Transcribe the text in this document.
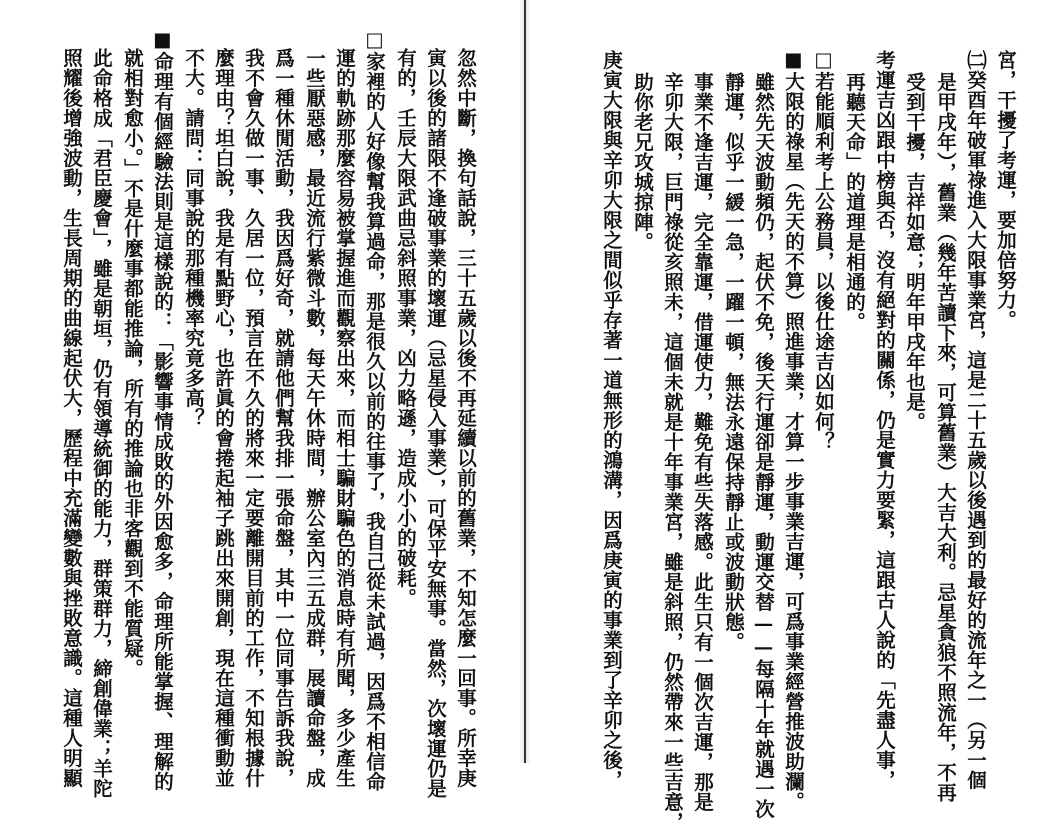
宮，干擾了考運，要加倍努力。
㈡癸酉年破軍祿進入大限事業宮，這是二十五歲以後遇到的最好的流年之一（另一個
是甲戌年），舊業（幾年苦讀下來，可算舊業）大吉大利。忌星貪狼不照流年，不再
受到干擾，吉祥如意；明年甲戌年也是。
考運吉凶跟中榜與否，沒有絕對的關係，仍是實力要緊，這跟古人說的「先盡人事，
再聽天命」的道理是相通的。
□若能順利考上公務員，以後仕途吉凶如何？
■大限的祿星（先天的不算）照進事業，才算一步事業吉運，可爲事業經營推波助瀾。
雖然先天波動頻仍，起伏不免，後天行運卻是靜運，動運交替——每隔十年就遇一次
靜運，似乎一緩一急，一躍一頓，無法永遠保持靜止或波動狀態。
事業不逢吉運，完全靠運，借運使力，難免有些失落感。此生只有一個次吉運，那是
辛卯大限，巨門祿從亥照未，這個未就是十年事業宮，雖是斜照，仍然帶來一些吉意，
助你老兄攻城掠陣。
庚寅大限與辛卯大限之間似乎存著一道無形的鴻溝，因爲庚寅的事業到了辛卯之後，
忽然中斷，換句話說，三十五歲以後不再延續以前的舊業，不知怎麼一回事。所幸庚
寅以後的諸限不逢破事業的壞運（忌星侵入事業），可保平安無事。當然，次壞運仍是
有的，壬辰大限武曲忌斜照事業，凶力略遜，造成小小的破耗。
□家裡的人好像幫我算過命，那是很久以前的往事了，我自己從未試過，因爲不相信命
運的軌跡那麼容易被掌握進而觀察出來，而相士騙財騙色的消息時有所聞，多少產生
一些厭惡感，最近流行紫微斗數，每天午休時間，辦公室內三五成群，展讀命盤，成
爲一種休閒活動，我因爲好奇，就請他們幫我排一張命盤，其中一位同事告訴我說，
我不會久做一事、久居一位，預言在不久的將來一定要離開目前的工作，不知根據什
麼理由？坦白說，我是有點野心，也許眞的會捲起袖子跳出來開創，現在這種衝動並
不大。請問：同事說的那種機率究竟多高？
■命理有個經驗法則是這樣說的：「影響事情成敗的外因愈多，命理所能掌握、理解的
就相對愈小。」不是什麼事都能推論，所有的推論也非客觀到不能質疑。
此命格成「君臣慶會」，雖是朝垣，仍有領導統御的能力，群策群力，締創偉業；羊陀
照耀後增強波動，生長周期的曲線起伏大，歷程中充滿變數與挫敗意識。這種人明顯
